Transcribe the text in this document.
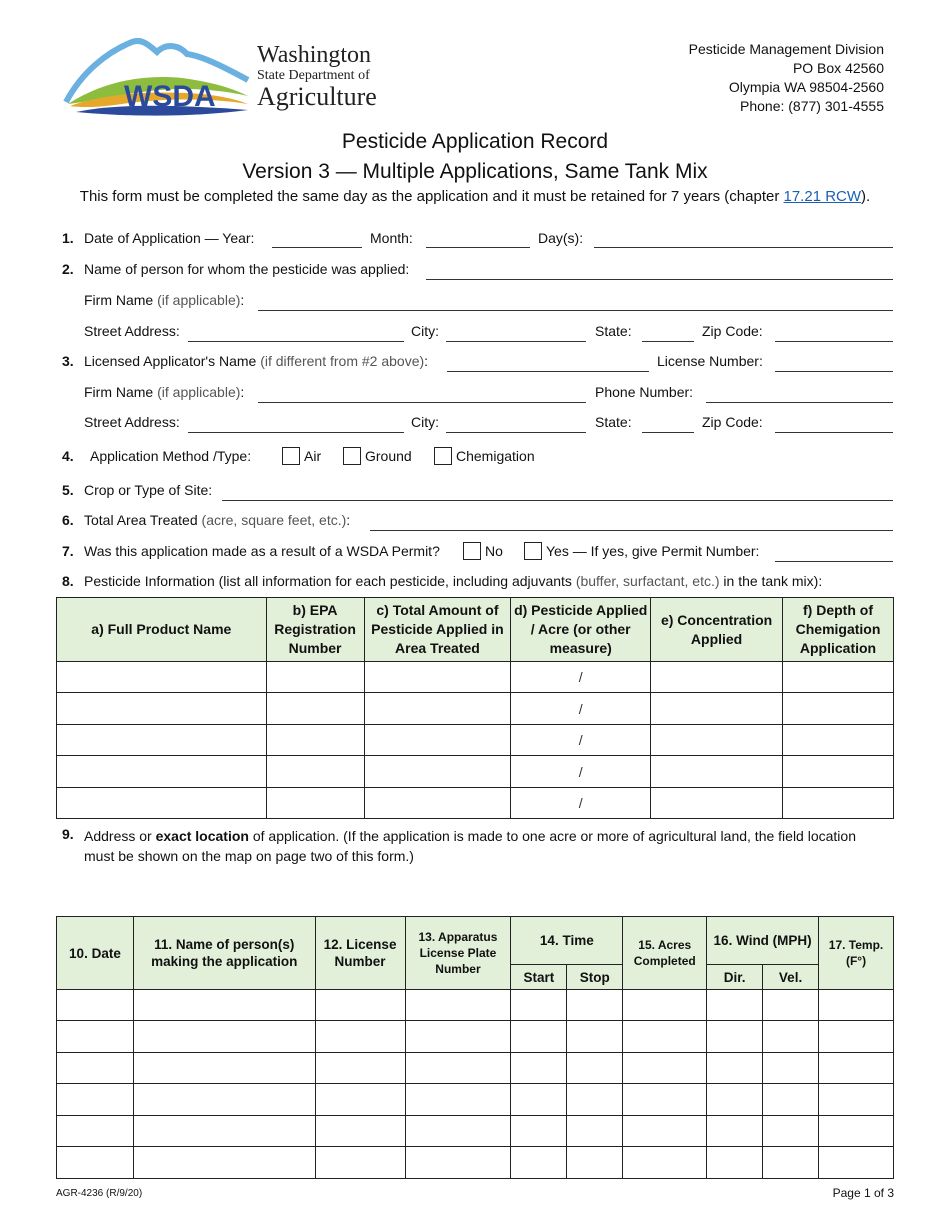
WSDA
Washington
State Department of
Agriculture
Pesticide Management Division
PO Box 42560
Olympia WA 98504-2560
Phone: (877) 301-4555
Pesticide Application Record
Version 3 — Multiple Applications, Same Tank Mix
This form must be completed the same day as the application and it must be retained for 7 years (chapter 17.21 RCW).
1. Date of Application — Year:	Month:	Day(s):
2. Name of person for whom the pesticide was applied:
Firm Name (if applicable):
Street Address:	City:	State:	Zip Code:
3. Licensed Applicator's Name (if different from #2 above):	License Number:
Firm Name (if applicable):	Phone Number:
Street Address:	City:	State:	Zip Code:
4. Application Method /Type:	Air	Ground	Chemigation
5. Crop or Type of Site:
6. Total Area Treated (acre, square feet, etc.):
7. Was this application made as a result of a WSDA Permit?	No	Yes — If yes, give Permit Number:
8. Pesticide Information (list all information for each pesticide, including adjuvants (buffer, surfactant, etc.) in the tank mix):
a) Full Product Name	b) EPA Registration Number	c) Total Amount of Pesticide Applied in Area Treated	d) Pesticide Applied / Acre (or other measure)	e) Concentration Applied	f) Depth of Chemigation Application
			/		
			/		
			/		
			/		
			/		
9. Address or exact location of application. (If the application is made to one acre or more of agricultural land, the field location must be shown on the map on page two of this form.)
10. Date	11. Name of person(s) making the application	12. License Number	13. Apparatus License Plate Number	14. Time		15. Acres Completed	16. Wind (MPH)		17. Temp. (F°)
				Start	Stop		Dir.	Vel.	

AGR-4236 (R/9/20)	Page 1 of 3
